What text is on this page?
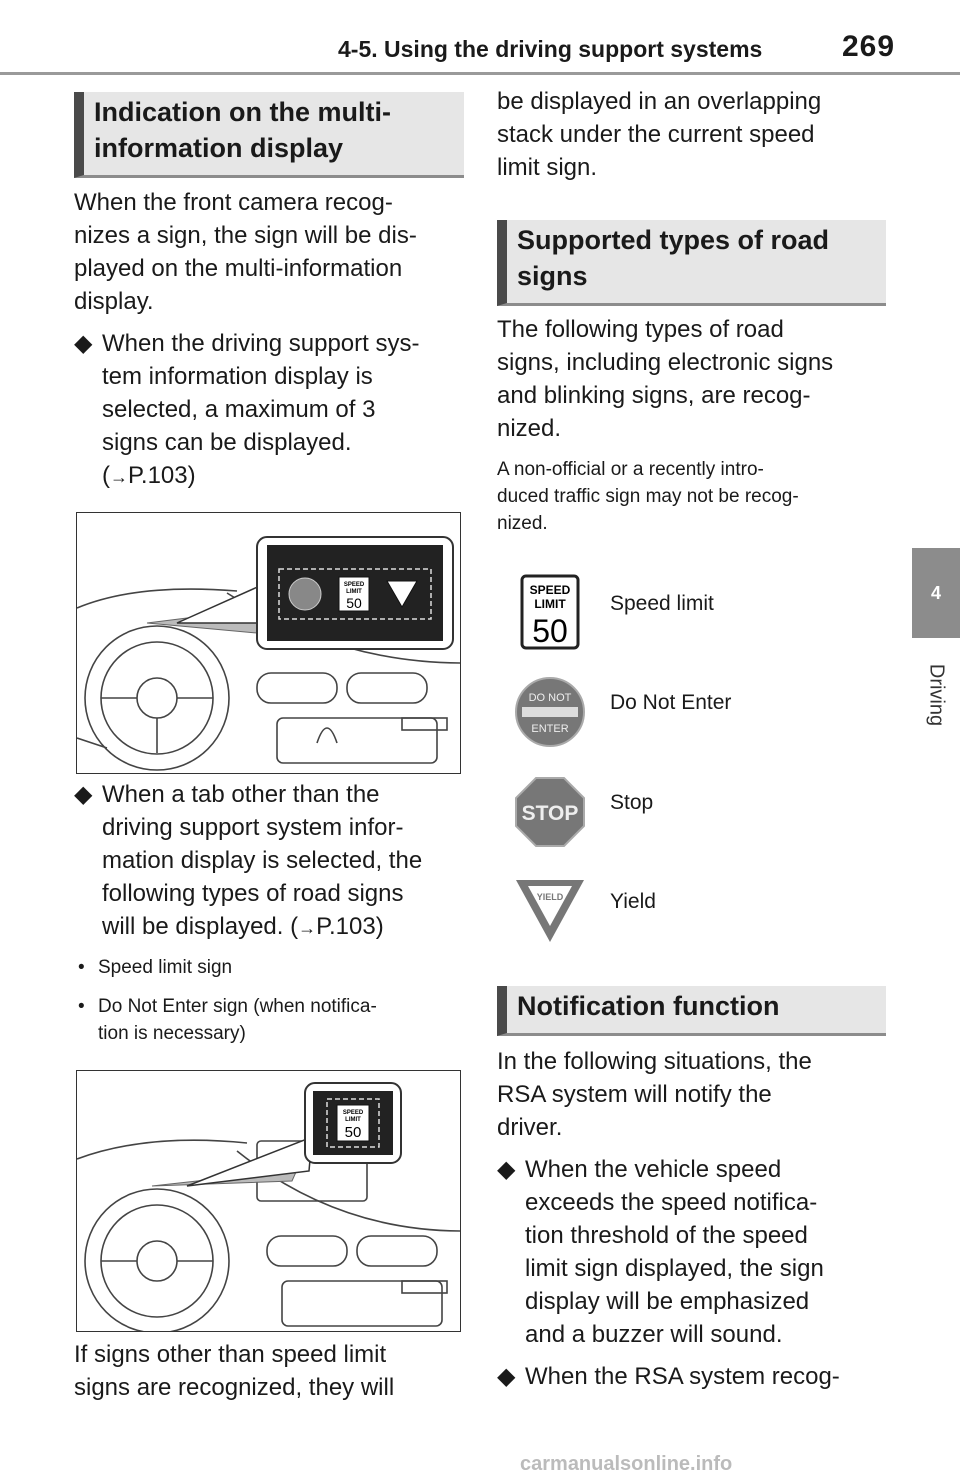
4-5. Using the driving support systems	269
4
Driving
Indication on the multi-
information display
When the front camera recog-
nizes a sign, the sign will be dis-
played on the multi-information
display.
◆ When the driving support sys-
tem information display is
selected, a maximum of 3
signs can be displayed.
(→P.103)
SPEED
LIMIT
50
◆ When a tab other than the
driving support system infor-
mation display is selected, the
following types of road signs
will be displayed. (→P.103)
• Speed limit sign
• Do Not Enter sign (when notifica-
tion is necessary)
SPEED
LIMIT
50
If signs other than speed limit
signs are recognized, they will
be displayed in an overlapping
stack under the current speed
limit sign.
Supported types of road
signs
The following types of road
signs, including electronic signs
and blinking signs, are recog-
nized.
A non-official or a recently intro-
duced traffic sign may not be recog-
nized.
SPEED
LIMIT
50
Speed limit
DO NOT
ENTER
Do Not Enter
STOP Stop
YIELD Yield
Notification function
In the following situations, the
RSA system will notify the
driver.
◆ When the vehicle speed
exceeds the speed notifica-
tion threshold of the speed
limit sign displayed, the sign
display will be emphasized
and a buzzer will sound.
◆ When the RSA system recog-
carmanualsonline.info
